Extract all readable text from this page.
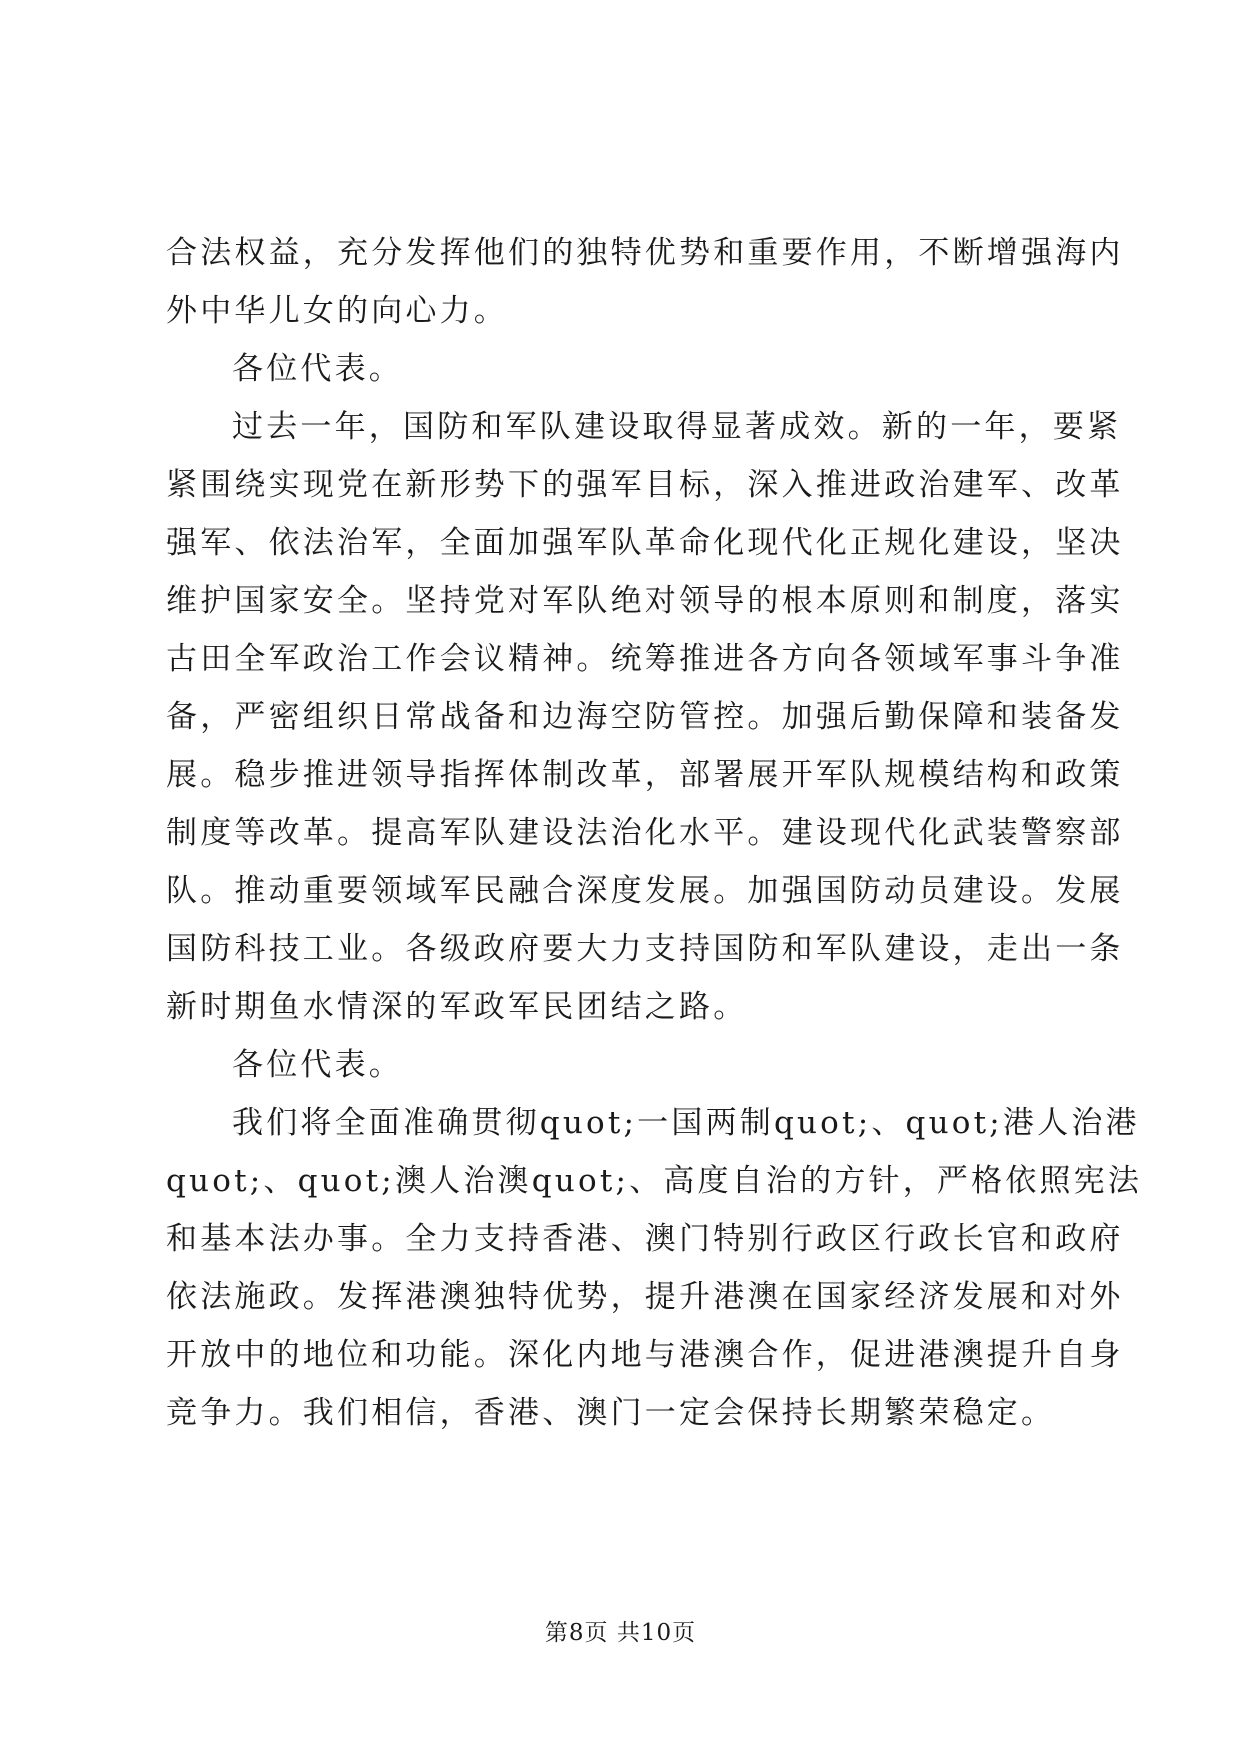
合法权益，充分发挥他们的独特优势和重要作用，不断增强海内
外中华儿女的向心力。
各位代表。
过去一年，国防和军队建设取得显著成效。新的一年，要紧
紧围绕实现党在新形势下的强军目标，深入推进政治建军、改革
强军、依法治军，全面加强军队革命化现代化正规化建设，坚决
维护国家安全。坚持党对军队绝对领导的根本原则和制度，落实
古田全军政治工作会议精神。统筹推进各方向各领域军事斗争准
备，严密组织日常战备和边海空防管控。加强后勤保障和装备发
展。稳步推进领导指挥体制改革，部署展开军队规模结构和政策
制度等改革。提高军队建设法治化水平。建设现代化武装警察部
队。推动重要领域军民融合深度发展。加强国防动员建设。发展
国防科技工业。各级政府要大力支持国防和军队建设，走出一条
新时期鱼水情深的军政军民团结之路。
各位代表。
我们将全面准确贯彻quot;一国两制quot;、quot;港人治港
quot;、quot;澳人治澳quot;、高度自治的方针，严格依照宪法
和基本法办事。全力支持香港、澳门特别行政区行政长官和政府
依法施政。发挥港澳独特优势，提升港澳在国家经济发展和对外
开放中的地位和功能。深化内地与港澳合作，促进港澳提升自身
竞争力。我们相信，香港、澳门一定会保持长期繁荣稳定。
第8页 共10页
